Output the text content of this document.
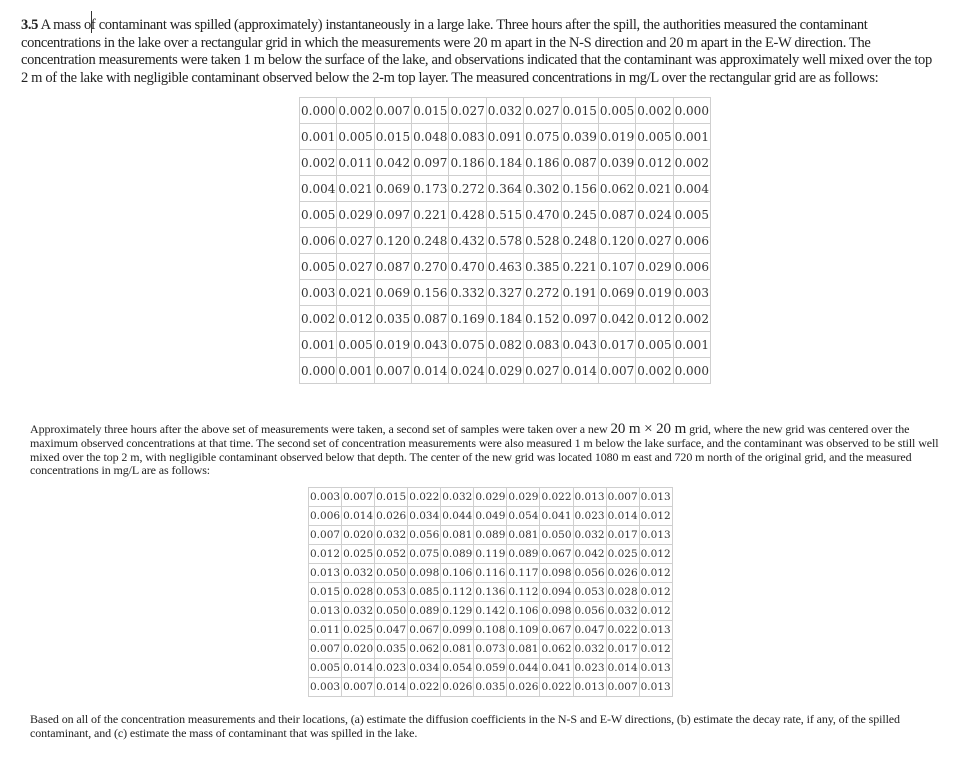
3.5 A mass of contaminant was spilled (approximately) instantaneously in a large lake. Three hours after the spill, the authorities measured the contaminant concentrations in the lake over a rectangular grid in which the measurements were 20 m apart in the N-S direction and 20 m apart in the E-W direction. The concentration measurements were taken 1 m below the surface of the lake, and observations indicated that the contaminant was approximately well mixed over the top 2 m of the lake with negligible contaminant observed below the 2-m top layer. The measured concentrations in mg/L over the rectangular grid are as follows:

0.000	0.002	0.007	0.015	0.027	0.032	0.027	0.015	0.005	0.002	0.000
0.001	0.005	0.015	0.048	0.083	0.091	0.075	0.039	0.019	0.005	0.001
0.002	0.011	0.042	0.097	0.186	0.184	0.186	0.087	0.039	0.012	0.002
0.004	0.021	0.069	0.173	0.272	0.364	0.302	0.156	0.062	0.021	0.004
0.005	0.029	0.097	0.221	0.428	0.515	0.470	0.245	0.087	0.024	0.005
0.006	0.027	0.120	0.248	0.432	0.578	0.528	0.248	0.120	0.027	0.006
0.005	0.027	0.087	0.270	0.470	0.463	0.385	0.221	0.107	0.029	0.006
0.003	0.021	0.069	0.156	0.332	0.327	0.272	0.191	0.069	0.019	0.003
0.002	0.012	0.035	0.087	0.169	0.184	0.152	0.097	0.042	0.012	0.002
0.001	0.005	0.019	0.043	0.075	0.082	0.083	0.043	0.017	0.005	0.001
0.000	0.001	0.007	0.014	0.024	0.029	0.027	0.014	0.007	0.002	0.000

Approximately three hours after the above set of measurements were taken, a second set of samples were taken over a new 20 m × 20 m grid, where the new grid was centered over the maximum observed concentrations at that time. The second set of concentration measurements were also measured 1 m below the lake surface, and the contaminant was observed to be still well mixed over the top 2 m, with negligible contaminant observed below that depth. The center of the new grid was located 1080 m east and 720 m north of the original grid, and the measured concentrations in mg/L are as follows:

0.003	0.007	0.015	0.022	0.032	0.029	0.029	0.022	0.013	0.007	0.013
0.006	0.014	0.026	0.034	0.044	0.049	0.054	0.041	0.023	0.014	0.012
0.007	0.020	0.032	0.056	0.081	0.089	0.081	0.050	0.032	0.017	0.013
0.012	0.025	0.052	0.075	0.089	0.119	0.089	0.067	0.042	0.025	0.012
0.013	0.032	0.050	0.098	0.106	0.116	0.117	0.098	0.056	0.026	0.012
0.015	0.028	0.053	0.085	0.112	0.136	0.112	0.094	0.053	0.028	0.012
0.013	0.032	0.050	0.089	0.129	0.142	0.106	0.098	0.056	0.032	0.012
0.011	0.025	0.047	0.067	0.099	0.108	0.109	0.067	0.047	0.022	0.013
0.007	0.020	0.035	0.062	0.081	0.073	0.081	0.062	0.032	0.017	0.012
0.005	0.014	0.023	0.034	0.054	0.059	0.044	0.041	0.023	0.014	0.013
0.003	0.007	0.014	0.022	0.026	0.035	0.026	0.022	0.013	0.007	0.013

Based on all of the concentration measurements and their locations, (a) estimate the diffusion coefficients in the N-S and E-W directions, (b) estimate the decay rate, if any, of the spilled contaminant, and (c) estimate the mass of contaminant that was spilled in the lake.
